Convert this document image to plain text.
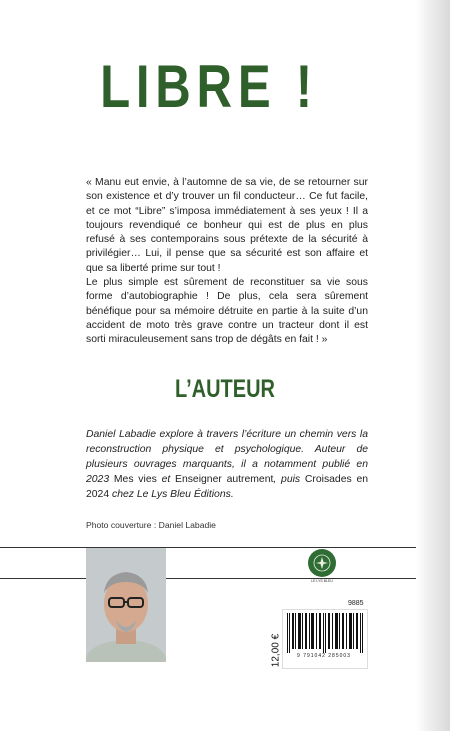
LIBRE !

« Manu eut envie, à l’automne de sa vie, de se retourner sur son existence et d’y trouver un fil conducteur… Ce fut facile, et ce mot “Libre” s’imposa immédiatement à ses yeux ! Il a toujours revendiqué ce bonheur qui est de plus en plus refusé à ses contemporains sous prétexte de la sécurité à privilégier… Lui, il pense que sa sécurité est son affaire et que sa liberté prime sur tout !

Le plus simple est sûrement de reconstituer sa vie sous forme d’autobiographie ! De plus, cela sera sûrement bénéfique pour sa mémoire détruite en partie à la suite d’un accident de moto très grave contre un tracteur dont il est sorti miraculeusement sans trop de dégâts en fait ! »

L’AUTEUR

Daniel Labadie explore à travers l’écriture un chemin vers la reconstruction physique et psychologique. Auteur de plusieurs ouvrages marquants, il a notamment publié en 2023 Mes vies et Enseigner autrement, puis Croisades en 2024 chez Le Lys Bleu Éditions.

Photo couverture : Daniel Labadie
LE LYS BLEU
9885
12,00 €	9 791042 285003
